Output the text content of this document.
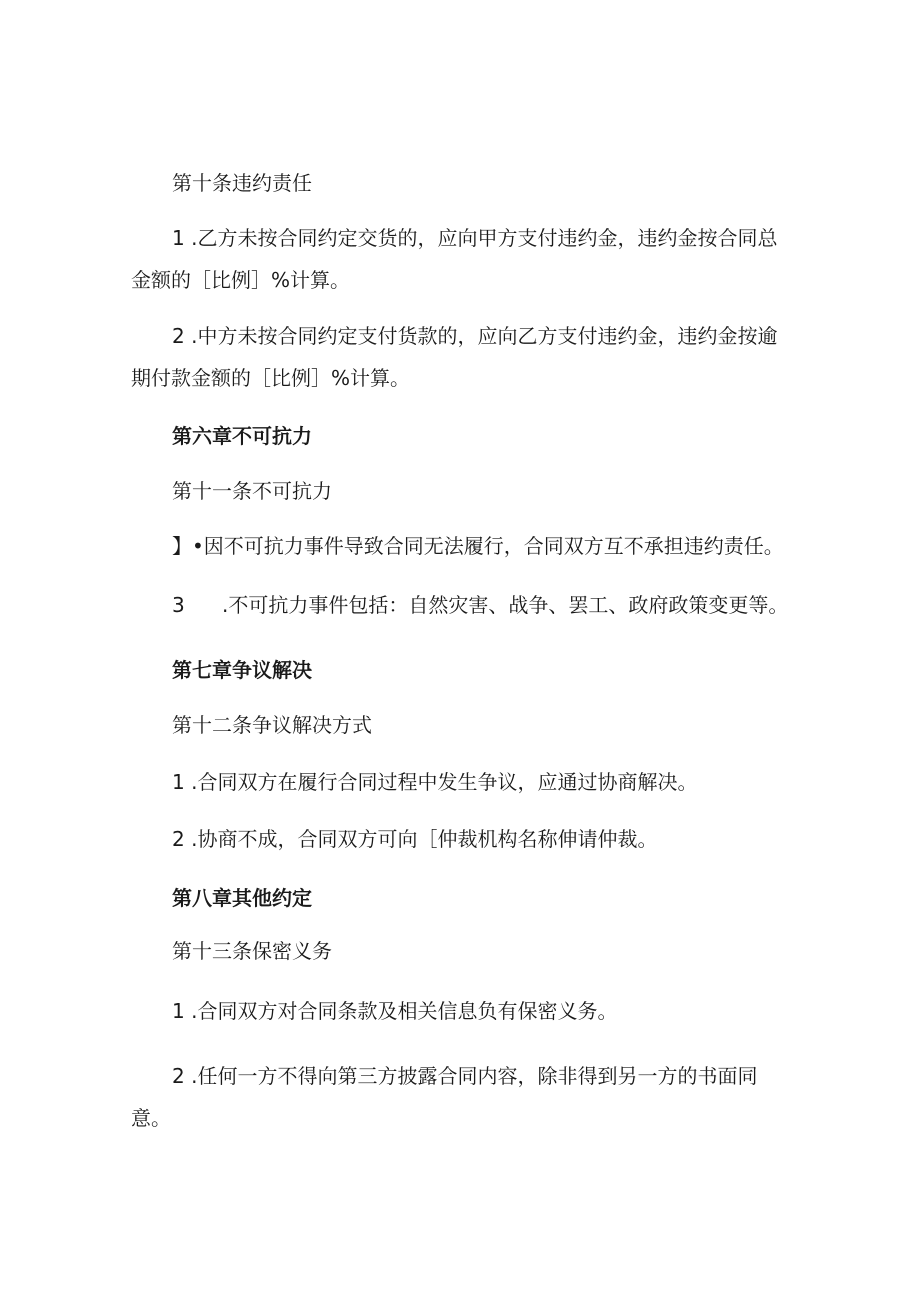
第十条违约责任
1 .乙方未按合同约定交货的，应向甲方支付违约金，违约金按合同总
金额的［比例］%计算。
2 .中方未按合同约定支付货款的，应向乙方支付违约金，违约金按逾
期付款金额的［比例］%计算。
第六章不可抗力
第十一条不可抗力
】•因不可抗力事件导致合同无法履行，合同双方互不承担违约责任。
3	.不可抗力事件包括：自然灾害、战争、罢工、政府政策变更等。
第七章争议解决
第十二条争议解决方式
1 .合同双方在履行合同过程中发生争议，应通过协商解决。
2 .协商不成，合同双方可向［仲裁机构名称伸请仲裁。
第八章其他约定
第十三条保密义务
1 .合同双方对合同条款及相关信息负有保密义务。
2 .任何一方不得向第三方披露合同内容，除非得到另一方的书面同
意。
